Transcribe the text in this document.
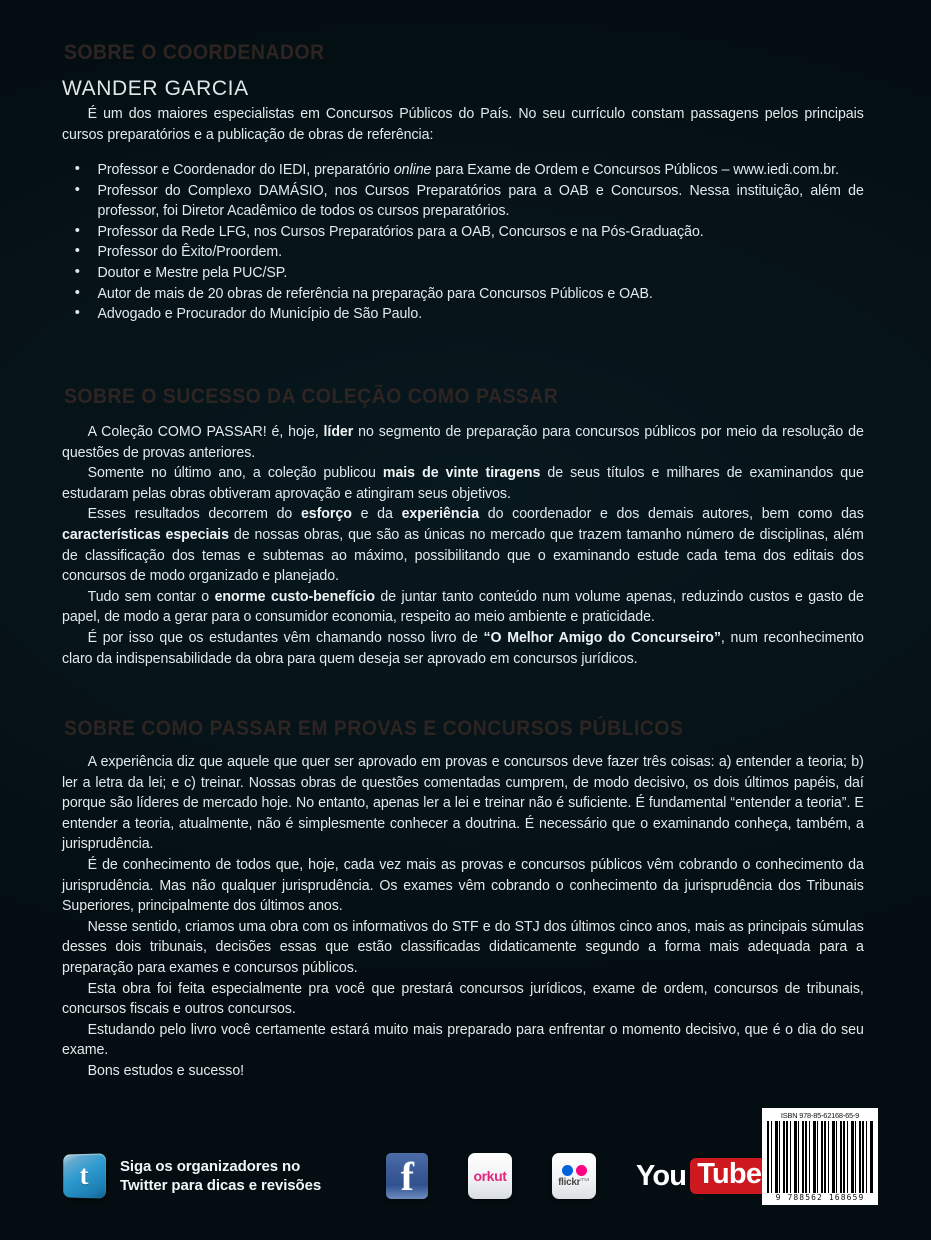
SOBRE O COORDENADOR
WANDER GARCIA

É um dos maiores especialistas em Concursos Públicos do País. No seu currículo constam passagens pelos principais cursos preparatórios e a publicação de obras de referência:

• Professor e Coordenador do IEDI, preparatório online para Exame de Ordem e Concursos Públicos – www.iedi.com.br.
• Professor do Complexo DAMÁSIO, nos Cursos Preparatórios para a OAB e Concursos. Nessa instituição, além de professor, foi Diretor Acadêmico de todos os cursos preparatórios.
• Professor da Rede LFG, nos Cursos Preparatórios para a OAB, Concursos e na Pós-Graduação.
• Professor do Êxito/Proordem.
• Doutor e Mestre pela PUC/SP.
• Autor de mais de 20 obras de referência na preparação para Concursos Públicos e OAB.
• Advogado e Procurador do Município de São Paulo.
SOBRE O SUCESSO DA COLEÇÃO COMO PASSAR

A Coleção COMO PASSAR! é, hoje, líder no segmento de preparação para concursos públicos por meio da resolução de questões de provas anteriores.

Somente no último ano, a coleção publicou mais de vinte tiragens de seus títulos e milhares de examinandos que estudaram pelas obras obtiveram aprovação e atingiram seus objetivos.

Esses resultados decorrem do esforço e da experiência do coordenador e dos demais autores, bem como das características especiais de nossas obras, que são as únicas no mercado que trazem tamanho número de disciplinas, além de classificação dos temas e subtemas ao máximo, possibilitando que o examinando estude cada tema dos editais dos concursos de modo organizado e planejado.

Tudo sem contar o enorme custo-benefício de juntar tanto conteúdo num volume apenas, reduzindo custos e gasto de papel, de modo a gerar para o consumidor economia, respeito ao meio ambiente e praticidade.

É por isso que os estudantes vêm chamando nosso livro de “O Melhor Amigo do Concurseiro”, num reconhecimento claro da indispensabilidade da obra para quem deseja ser aprovado em concursos jurídicos.

SOBRE COMO PASSAR EM PROVAS E CONCURSOS PÚBLICOS

A experiência diz que aquele que quer ser aprovado em provas e concursos deve fazer três coisas: a) entender a teoria; b) ler a letra da lei; e c) treinar. Nossas obras de questões comentadas cumprem, de modo decisivo, os dois últimos papéis, daí porque são líderes de mercado hoje. No entanto, apenas ler a lei e treinar não é suficiente. É fundamental “entender a teoria”. E entender a teoria, atualmente, não é simplesmente conhecer a doutrina. É necessário que o examinando conheça, também, a jurisprudência.

É de conhecimento de todos que, hoje, cada vez mais as provas e concursos públicos vêm cobrando o conhecimento da jurisprudência. Mas não qualquer jurisprudência. Os exames vêm cobrando o conhecimento da jurisprudência dos Tribunais Superiores, principalmente dos últimos anos.

Nesse sentido, criamos uma obra com os informativos do STF e do STJ dos últimos cinco anos, mais as principais súmulas desses dois tribunais, decisões essas que estão classificadas didaticamente segundo a forma mais adequada para a preparação para exames e concursos públicos.

Esta obra foi feita especialmente pra você que prestará concursos jurídicos, exame de ordem, concursos de tribunais, concursos fiscais e outros concursos.

Estudando pelo livro você certamente estará muito mais preparado para enfrentar o momento decisivo, que é o dia do seu exame.

Bons estudos e sucesso!

t Siga os organizadores no
Twitter para dicas e revisões f	orkut	flickr™ You Tube
ISBN 978-85-62168-65-9
9 788562 168659
